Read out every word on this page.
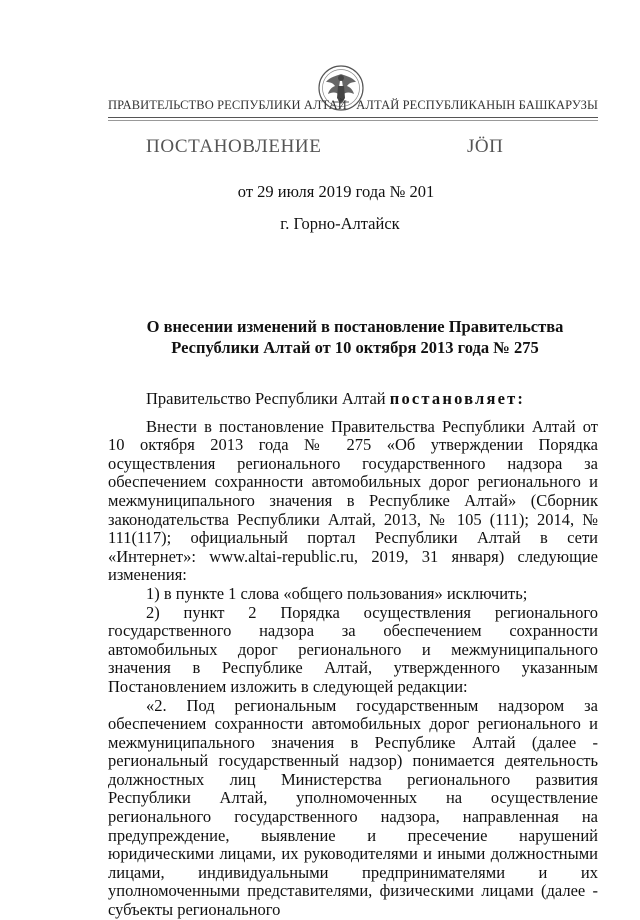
ПРАВИТЕЛЬСТВО РЕСПУБЛИКИ АЛТАЙ АЛТАЙ РЕСПУБЛИКАНЫН БАШКАРУЗЫ
ПОСТАНОВЛЕНИЕ	ЈӦП
от 29 июля 2019 года № 201
г. Горно-Алтайск
О внесении изменений в постановление Правительства Республики Алтай от 10 октября 2013 года № 275

Правительство Республики Алтай постановляет:

Внести в постановление Правительства Республики Алтай от 10 октября 2013 года № 275 «Об утверждении Порядка осуществления регионального государственного надзора за обеспечением сохранности автомобильных дорог регионального и межмуниципального значения в Республике Алтай» (Сборник законодательства Республики Алтай, 2013, № 105 (111); 2014, № 111(117); официальный портал Республики Алтай в сети «Интернет»: www.altai-republic.ru, 2019, 31 января) следующие изменения:

1) в пункте 1 слова «общего пользования» исключить;

2) пункт 2 Порядка осуществления регионального государственного надзора за обеспечением сохранности автомобильных дорог регионального и межмуниципального значения в Республике Алтай, утвержденного указанным Постановлением изложить в следующей редакции:

«2. Под региональным государственным надзором за обеспечением сохранности автомобильных дорог регионального и межмуниципального значения в Республике Алтай (далее - региональный государственный надзор) понимается деятельность должностных лиц Министерства регионального развития Республики Алтай, уполномоченных на осуществление регионального государственного надзора, направленная на предупреждение, выявление и пресечение нарушений юридическими лицами, их руководителями и иными должностными лицами, индивидуальными предпринимателями и их уполномоченными представителями, физическими лицами (далее - субъекты регионального
